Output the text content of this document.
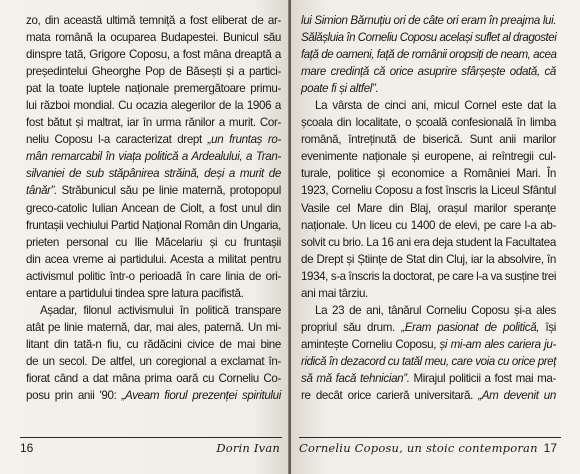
zo, din această ultimă temniță a fost eliberat de ar-
mata română la ocuparea Budapestei. Bunicul său
dinspre tată, Grigore Coposu, a fost mâna dreaptă a
președintelui Gheorghe Pop de Băsești și a partici-
pat la toate luptele naționale premergătoare primu-
lui război mondial. Cu ocazia alegerilor de la 1906 a
fost bătut și maltrat, iar în urma rănilor a murit. Cor-
neliu Coposu l-a caracterizat drept „un fruntaș ro-
mân remarcabil în viața politică a Ardealului, a Tran-
silvaniei de sub stăpânirea străină, deși a murit de
tânăr”. Străbunicul său pe linie maternă, protopopul
greco-catolic Iulian Ancean de Ciolt, a fost unul din
fruntașii vechiului Partid Național Român din Ungaria,
prieten personal cu Ilie Măcelariu și cu fruntașii
din acea vreme ai partidului. Acesta a militat pentru
activismul politic într-o perioadă în care linia de ori-
entare a partidului tindea spre latura pacifistă.
Așadar, filonul activismului în politică transpare
atât pe linie maternă, dar, mai ales, paternă. Un mi-
litant din tată-n fiu, cu rădăcini civice de mai bine
de un secol. De altfel, un coregional a exclamat în-
fiorat când a dat mâna prima oară cu Corneliu Co-
posu prin anii '90: „Aveam fiorul prezenței spiritului
16	Dorin Ivan
lui Simion Bărnuțiu ori de câte ori eram în preajma lui.
Sălășluia în Corneliu Coposu același suflet al dragostei
față de oameni, față de românii oropsiți de neam, acea
mare credință că orice asuprire sfârșește odată, că
poate fi și altfel”.
La vârsta de cinci ani, micul Cornel este dat la
școala din localitate, o școală confesională în limba
română, întreținută de biserică. Sunt anii marilor
evenimente naționale și europene, ai reîntregii cul-
turale, politice și economice a României Mari. În
1923, Corneliu Coposu a fost înscris la Liceul Sfântul
Vasile cel Mare din Blaj, orașul marilor speranțe
naționale. Un liceu cu 1400 de elevi, pe care l-a ab-
solvit cu brio. La 16 ani era deja student la Facultatea
de Drept și Științe de Stat din Cluj, iar la absolvire, în
1934, s-a înscris la doctorat, pe care l-a va susține trei
ani mai târziu.
La 23 de ani, tânărul Corneliu Coposu și-a ales
propriul său drum. „Eram pasionat de politică, își
amintește Corneliu Coposu, și mi-am ales cariera ju-
ridică în dezacord cu tatăl meu, care voia cu orice preț
să mă facă tehnician”. Mirajul politicii a fost mai ma-
re decât orice carieră universitară. „Am devenit un
Corneliu Coposu, un stoic contemporan 17
